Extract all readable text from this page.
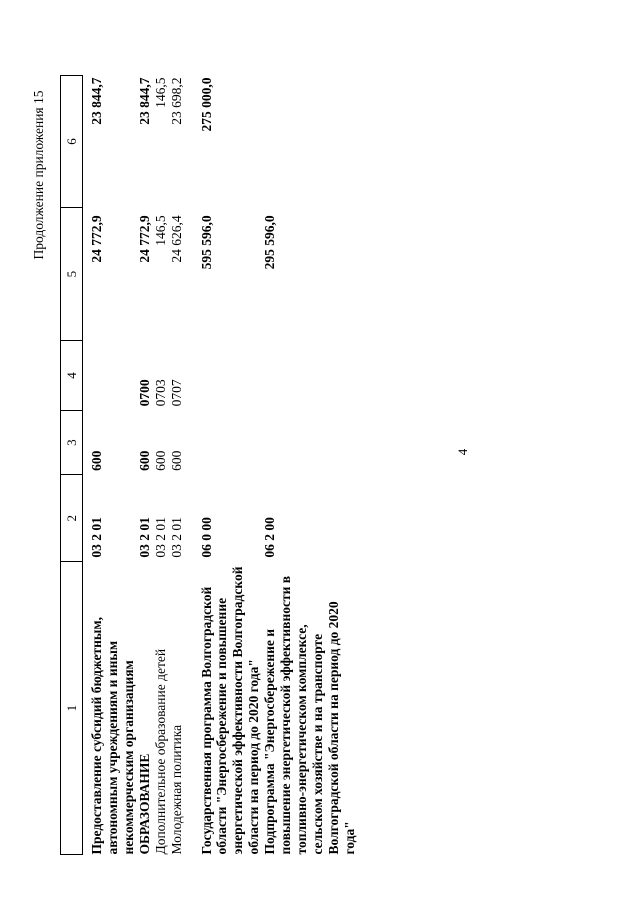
4
Продолжение приложения 15
1	2	3	4	5	6
Предоставление субсидий бюджетным, автономным учреждениям и иным некоммерческим организациям	03 2 01	600		24 772,9	23 844,7
ОБРАЗОВАНИЕ	03 2 01	600	0700	24 772,9	23 844,7
Дополнительное образование детей	03 2 01	600	0703	146,5	146,5
Молодежная политика	03 2 01	600	0707	24 626,4	23 698,2

Государственная программа Волгоградской области "Энергосбережение и повышение энергетической эффективности Волгоградской области на период до 2020 года"	06 0 00			595 596,0	275 000,0
Подпрограмма "Энергосбережение и повышение энергетической эффективности в топливно-энергетическом комплексе, сельском хозяйстве и на транспорте Волгоградской области на период до 2020 года"	06 2 00			295 596,0	
